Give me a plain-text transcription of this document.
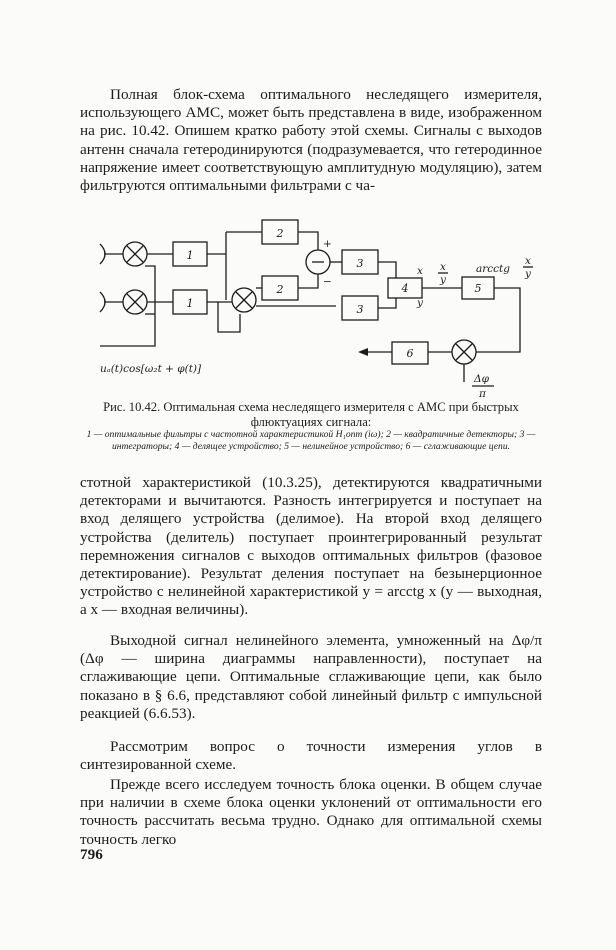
Полная блок-схема оптимального неследящего измерителя, использующего АМС, может быть представлена в виде, изображенном на рис. 10.42. Опишем кратко работу этой схемы. Сигналы с выходов антенн сначала гетеродинируются (подразумевается, что гетеродинное напряжение имеет соответствующую амплитудную модуляцию), затем фильтруются оптимальными фильтрами с ча-

1
1
2
2
+
−
3
3
4
x
y
x
y
5
arcctg
x
y
Δφ
π
6
uₐ(t)cos[ω₂t + φ(t)]
Рис. 10.42. Оптимальная схема неследящего измерителя с АМС при быстрых флюктуациях сигнала:
1 — оптимальные фильтры с частотной характеристикой H₁опт (iω); 2 — квадратичные детекторы; 3 — интеграторы; 4 — делящее устройство; 5 — нелинейное устройство; 6 — сглаживающие цепи.

стотной характеристикой (10.3.25), детектируются квадратичными детекторами и вычитаются. Разность интегрируется и поступает на вход делящего устройства (делимое). На второй вход делящего устройства (делитель) поступает проинтегрированный результат перемножения сигналов с выходов оптимальных фильтров (фазовое детектирование). Результат деления поступает на безынерционное устройство с нелинейной характеристикой y = arcctg x (y — выходная, а x — входная величины).

Выходной сигнал нелинейного элемента, умноженный на Δφ/π (Δφ — ширина диаграммы направленности), поступает на сглаживающие цепи. Оптимальные сглаживающие цепи, как было показано в § 6.6, представляют собой линейный фильтр с импульсной реакцией (6.6.53).

Рассмотрим вопрос о точности измерения углов в синтезированной схеме.

Прежде всего исследуем точность блока оценки. В общем случае при наличии в схеме блока оценки уклонений от оптимальности его точность рассчитать весьма трудно. Однако для оптимальной схемы точность легко

796
